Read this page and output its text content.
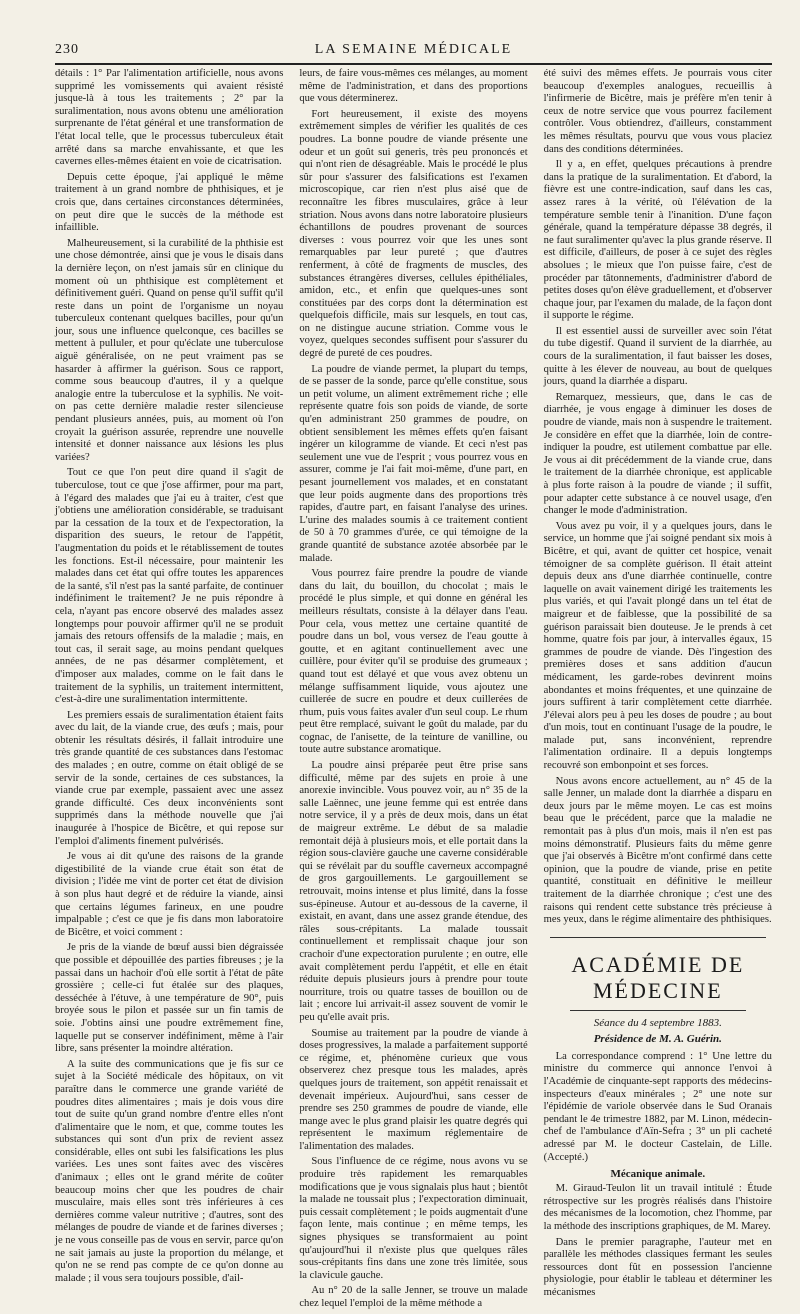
230	LA SEMAINE MÉDICALE

détails : 1° Par l'alimentation artificielle, nous avons supprimé les vomissements qui avaient résisté jusque-là à tous les traitements ; 2° par la suralimentation, nous avons obtenu une amélioration surprenante de l'état général et une transformation de l'état local telle, que le processus tuberculeux était arrêté dans sa marche envahissante, et que les cavernes elles-mêmes étaient en voie de cicatrisation.

Depuis cette époque, j'ai appliqué le même traitement à un grand nombre de phthisiques, et je crois que, dans certaines circonstances déterminées, on peut dire que le succès de la méthode est infaillible.

Malheureusement, si la curabilité de la phthisie est une chose démontrée, ainsi que je vous le disais dans la dernière leçon, on n'est jamais sûr en clinique du moment où un phthisique est complètement et définitivement guéri. Quand on pense qu'il suffit qu'il reste dans un point de l'organisme un noyau tuberculeux contenant quelques bacilles, pour qu'un jour, sous une influence quelconque, ces bacilles se mettent à pulluler, et pour qu'éclate une tuberculose aiguë généralisée, on ne peut vraiment pas se hasarder à affirmer la guérison. Sous ce rapport, comme sous beaucoup d'autres, il y a quelque analogie entre la tuberculose et la syphilis. Ne voit-on pas cette dernière maladie rester silencieuse pendant plusieurs années, puis, au moment où l'on croyait la guérison assurée, reprendre une nouvelle intensité et donner naissance aux lésions les plus variées?

Tout ce que l'on peut dire quand il s'agit de tuberculose, tout ce que j'ose affirmer, pour ma part, à l'égard des malades que j'ai eu à traiter, c'est que j'obtiens une amélioration considérable, se traduisant par la cessation de la toux et de l'expectoration, la disparition des sueurs, le retour de l'appétit, l'augmentation du poids et le rétablissement de toutes les fonctions. Est-il nécessaire, pour maintenir les malades dans cet état qui offre toutes les apparences de la santé, s'il n'est pas la santé parfaite, de continuer indéfiniment le traitement? Je ne puis répondre à cela, n'ayant pas encore observé des malades assez longtemps pour pouvoir affirmer qu'il ne se produit jamais des retours offensifs de la maladie ; mais, en tout cas, il serait sage, au moins pendant quelques années, de ne pas désarmer complètement, et d'imposer aux malades, comme on le fait dans le traitement de la syphilis, un traitement intermittent, c'est-à-dire une suralimentation intermittente.

Les premiers essais de suralimentation étaient faits avec du lait, de la viande crue, des œufs ; mais, pour obtenir les résultats désirés, il fallait introduire une très grande quantité de ces substances dans l'estomac des malades ; en outre, comme on était obligé de se servir de la sonde, certaines de ces substances, la viande crue par exemple, passaient avec une assez grande difficulté. Ces deux inconvénients sont supprimés dans la méthode nouvelle que j'ai inaugurée à l'hospice de Bicêtre, et qui repose sur l'emploi d'aliments finement pulvérisés.

Je vous ai dit qu'une des raisons de la grande digestibilité de la viande crue était son état de division ; l'idée me vint de porter cet état de division à son plus haut degré et de réduire la viande, ainsi que certains légumes farineux, en une poudre impalpable ; c'est ce que je fis dans mon laboratoire de Bicêtre, et voici comment :

Je pris de la viande de bœuf aussi bien dégraissée que possible et dépouillée des parties fibreuses ; je la passai dans un hachoir d'où elle sortit à l'état de pâte grossière ; celle-ci fut étalée sur des plaques, desséchée à l'étuve, à une température de 90°, puis broyée sous le pilon et passée sur un fin tamis de soie. J'obtins ainsi une poudre extrêmement fine, laquelle put se conserver indéfiniment, même à l'air libre, sans présenter la moindre altération.

A la suite des communications que je fis sur ce sujet à la Société médicale des hôpitaux, on vit paraître dans le commerce une grande variété de poudres dites alimentaires ; mais je dois vous dire tout de suite qu'un grand nombre d'entre elles n'ont d'alimentaire que le nom, et que, comme toutes les substances qui sont d'un prix de revient assez considérable, elles ont subi les falsifications les plus variées. Les unes sont faites avec des viscères d'animaux ; elles ont le grand mérite de coûter beaucoup moins cher que les poudres de chair musculaire, mais elles sont très inférieures à ces dernières comme valeur nutritive ; d'autres, sont des mélanges de poudre de viande et de farines diverses ; je ne vous conseille pas de vous en servir, parce qu'on ne sait jamais au juste la proportion du mélange, et qu'on ne se rend pas compte de ce qu'on donne au malade ; il vous sera toujours possible, d'ail-

leurs, de faire vous-mêmes ces mélanges, au moment même de l'administration, et dans des proportions que vous déterminerez.

Fort heureusement, il existe des moyens extrêmement simples de vérifier les qualités de ces poudres. La bonne poudre de viande présente une odeur et un goût sui generis, très peu prononcés et qui n'ont rien de désagréable. Mais le procédé le plus sûr pour s'assurer des falsifications est l'examen microscopique, car rien n'est plus aisé que de reconnaître les fibres musculaires, grâce à leur striation. Nous avons dans notre laboratoire plusieurs échantillons de poudres provenant de sources diverses : vous pourrez voir que les unes sont remarquables par leur pureté ; que d'autres renferment, à côté de fragments de muscles, des substances étrangères diverses, cellules épithéliales, amidon, etc., et enfin que quelques-unes sont constituées par des corps dont la détermination est quelquefois difficile, mais sur lesquels, en tout cas, on ne distingue aucune striation. Comme vous le voyez, quelques secondes suffisent pour s'assurer du degré de pureté de ces poudres.

La poudre de viande permet, la plupart du temps, de se passer de la sonde, parce qu'elle constitue, sous un petit volume, un aliment extrêmement riche ; elle représente quatre fois son poids de viande, de sorte qu'en administrant 250 grammes de poudre, on obtient sensiblement les mêmes effets qu'en faisant ingérer un kilogramme de viande. Et ceci n'est pas seulement une vue de l'esprit ; vous pourrez vous en assurer, comme je l'ai fait moi-même, d'une part, en pesant journellement vos malades, et en constatant que leur poids augmente dans des proportions très rapides, d'autre part, en faisant l'analyse des urines. L'urine des malades soumis à ce traitement contient de 50 à 70 grammes d'urée, ce qui témoigne de la grande quantité de substance azotée absorbée par le malade.

Vous pourrez faire prendre la poudre de viande dans du lait, du bouillon, du chocolat ; mais le procédé le plus simple, et qui donne en général les meilleurs résultats, consiste à la délayer dans l'eau. Pour cela, vous mettez une certaine quantité de poudre dans un bol, vous versez de l'eau goutte à goutte, et en agitant continuellement avec une cuillère, pour éviter qu'il se produise des grumeaux ; quand tout est délayé et que vous avez obtenu un mélange suffisamment liquide, vous ajoutez une cuillerée de sucre en poudre et deux cuillerées de rhum, puis vous faites avaler d'un seul coup. Le rhum peut être remplacé, suivant le goût du malade, par du cognac, de l'anisette, de la teinture de vanilline, ou toute autre substance aromatique.

La poudre ainsi préparée peut être prise sans difficulté, même par des sujets en proie à une anorexie invincible. Vous pouvez voir, au n° 35 de la salle Laënnec, une jeune femme qui est entrée dans notre service, il y a près de deux mois, dans un état de maigreur extrême. Le début de sa maladie remontait déjà à plusieurs mois, et elle portait dans la région sous-clavière gauche une caverne considérable qui se révélait par du souffle caverneux accompagné de gros gargouillements. Le gargouillement se retrouvait, moins intense et plus limité, dans la fosse sus-épineuse. Autour et au-dessous de la caverne, il existait, en avant, dans une assez grande étendue, des râles sous-crépitants. La malade toussait continuellement et remplissait chaque jour son crachoir d'une expectoration purulente ; en outre, elle avait complètement perdu l'appétit, et elle en était réduite depuis plusieurs jours à prendre pour toute nourriture, trois ou quatre tasses de bouillon ou de lait ; encore lui arrivait-il assez souvent de vomir le peu qu'elle avait pris.

Soumise au traitement par la poudre de viande à doses progressives, la malade a parfaitement supporté ce régime, et, phénomène curieux que vous observerez chez presque tous les malades, après quelques jours de traitement, son appétit renaissait et devenait impérieux. Aujourd'hui, sans cesser de prendre ses 250 grammes de poudre de viande, elle mange avec le plus grand plaisir les quatre degrés qui représentent le maximum réglementaire de l'alimentation des malades.

Sous l'influence de ce régime, nous avons vu se produire très rapidement les remarquables modifications que je vous signalais plus haut ; bientôt la malade ne toussait plus ; l'expectoration diminuait, puis cessait complètement ; le poids augmentait d'une façon lente, mais continue ; en même temps, les signes physiques se transformaient au point qu'aujourd'hui il n'existe plus que quelques râles sous-crépitants fins dans une zone très limitée, sous la clavicule gauche.

Au n° 20 de la salle Jenner, se trouve un malade chez lequel l'emploi de la même méthode a

été suivi des mêmes effets. Je pourrais vous citer beaucoup d'exemples analogues, recueillis à l'infirmerie de Bicêtre, mais je préfère m'en tenir à ceux de notre service que vous pourrez facilement contrôler. Vous obtiendrez, d'ailleurs, constamment les mêmes résultats, pourvu que vous vous placiez dans des conditions déterminées.

Il y a, en effet, quelques précautions à prendre dans la pratique de la suralimentation. Et d'abord, la fièvre est une contre-indication, sauf dans les cas, assez rares à la vérité, où l'élévation de la température semble tenir à l'inanition. D'une façon générale, quand la température dépasse 38 degrés, il ne faut suralimenter qu'avec la plus grande réserve. Il est difficile, d'ailleurs, de poser à ce sujet des règles absolues ; le mieux que l'on puisse faire, c'est de procéder par tâtonnements, d'administrer d'abord de petites doses qu'on élève graduellement, et d'observer chaque jour, par l'examen du malade, de la façon dont il supporte le régime.

Il est essentiel aussi de surveiller avec soin l'état du tube digestif. Quand il survient de la diarrhée, au cours de la suralimentation, il faut baisser les doses, quitte à les élever de nouveau, au bout de quelques jours, quand la diarrhée a disparu.

Remarquez, messieurs, que, dans le cas de diarrhée, je vous engage à diminuer les doses de poudre de viande, mais non à suspendre le traitement. Je considère en effet que la diarrhée, loin de contre-indiquer la poudre, est utilement combattue par elle. Je vous ai dit précédemment de la viande crue, dans le traitement de la diarrhée chronique, est applicable à plus forte raison à la poudre de viande ; il suffit, pour adapter cette substance à ce nouvel usage, d'en changer le mode d'administration.

Vous avez pu voir, il y a quelques jours, dans le service, un homme que j'ai soigné pendant six mois à Bicêtre, et qui, avant de quitter cet hospice, venait témoigner de sa complète guérison. Il était atteint depuis deux ans d'une diarrhée continuelle, contre laquelle on avait vainement dirigé les traitements les plus variés, et qui l'avait plongé dans un tel état de maigreur et de faiblesse, que la possibilité de sa guérison paraissait bien douteuse. Je le prends à cet homme, quatre fois par jour, à intervalles égaux, 15 grammes de poudre de viande. Dès l'ingestion des premières doses et sans addition d'aucun médicament, les garde-robes devinrent moins abondantes et moins fréquentes, et une quinzaine de jours suffirent à tarir complètement cette diarrhée. J'élevai alors peu à peu les doses de poudre ; au bout d'un mois, tout en continuant l'usage de la poudre, le malade put, sans inconvénient, reprendre l'alimentation ordinaire. Il a depuis longtemps recouvré son embonpoint et ses forces.

Nous avons encore actuellement, au n° 45 de la salle Jenner, un malade dont la diarrhée a disparu en deux jours par le même moyen. Le cas est moins beau que le précédent, parce que la maladie ne remontait pas à plus d'un mois, mais il n'en est pas moins démonstratif. Plusieurs faits du même genre que j'ai observés à Bicêtre m'ont confirmé dans cette opinion, que la poudre de viande, prise en petite quantité, constituait en définitive le meilleur traitement de la diarrhée chronique ; c'est une des raisons qui rendent cette substance très précieuse à mes yeux, dans le régime alimentaire des phthisiques.

ACADÉMIE DE MÉDECINE
Séance du 4 septembre 1883.
Présidence de M. A. Guérin.

La correspondance comprend : 1° Une lettre du ministre du commerce qui annonce l'envoi à l'Académie de cinquante-sept rapports des médecins-inspecteurs d'eaux minérales ; 2° une note sur l'épidémie de variole observée dans le Sud Oranais pendant le 4e trimestre 1882, par M. Linon, médecin-chef de l'ambulance d'Aïn-Sefra ; 3° un pli cacheté adressé par M. le docteur Castelain, de Lille. (Accepté.)

Mécanique animale.

M. Giraud-Teulon lit un travail intitulé : Étude rétrospective sur les progrès réalisés dans l'histoire des mécanismes de la locomotion, chez l'homme, par la méthode des inscriptions graphiques, de M. Marey.

Dans le premier paragraphe, l'auteur met en parallèle les méthodes classiques fermant les seules ressources dont fût en possession l'ancienne physiologie, pour établir le tableau et déterminer les mécanismes
